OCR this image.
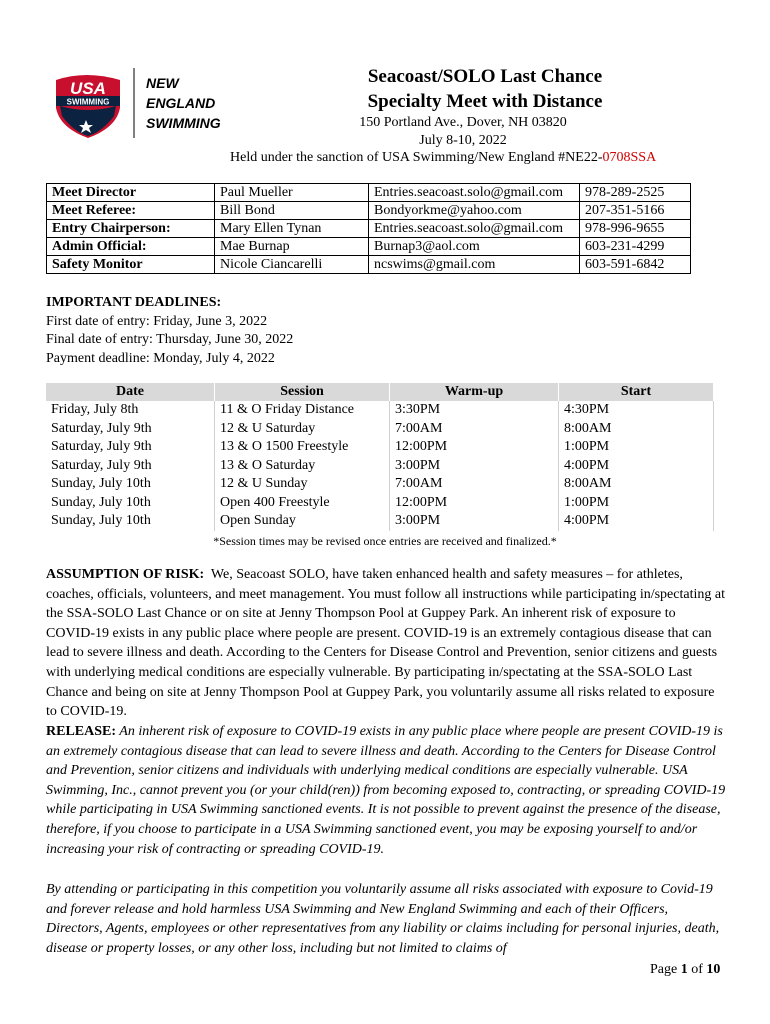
USA
SWIMMING
NEW
ENGLAND
SWIMMING
Seacoast/SOLO Last Chance
Specialty Meet with Distance
150 Portland Ave., Dover, NH 03820
July 8-10, 2022
Held under the sanction of USA Swimming/New England #NE22-0708SSA
Meet Director	Paul Mueller	Entries.seacoast.solo@gmail.com	978-289-2525
Meet Referee:	Bill Bond	Bondyorkme@yahoo.com	207-351-5166
Entry Chairperson:	Mary Ellen Tynan	Entries.seacoast.solo@gmail.com	978-996-9655
Admin Official:	Mae Burnap	Burnap3@aol.com	603-231-4299
Safety Monitor	Nicole Ciancarelli	ncswims@gmail.com	603-591-6842
IMPORTANT DEADLINES:
First date of entry: Friday, June 3, 2022
Final date of entry: Thursday, June 30, 2022
Payment deadline: Monday, July 4, 2022
Date	Session	Warm-up	Start
Friday, July 8th	11 & O Friday Distance	3:30PM	4:30PM
Saturday, July 9th	12 & U Saturday	7:00AM	8:00AM
Saturday, July 9th	13 & O 1500 Freestyle	12:00PM	1:00PM
Saturday, July 9th	13 & O Saturday	3:00PM	4:00PM
Sunday, July 10th	12 & U Sunday	7:00AM	8:00AM
Sunday, July 10th	Open 400 Freestyle	12:00PM	1:00PM
Sunday, July 10th	Open Sunday	3:00PM	4:00PM
*Session times may be revised once entries are received and finalized.*
ASSUMPTION OF RISK: We, Seacoast SOLO, have taken enhanced health and safety measures – for athletes, coaches, officials, volunteers, and meet management. You must follow all instructions while participating in/spectating at the SSA-SOLO Last Chance or on site at Jenny Thompson Pool at Guppey Park. An inherent risk of exposure to COVID-19 exists in any public place where people are present. COVID-19 is an extremely contagious disease that can lead to severe illness and death. According to the Centers for Disease Control and Prevention, senior citizens and guests with underlying medical conditions are especially vulnerable. By participating in/spectating at the SSA-SOLO Last Chance and being on site at Jenny Thompson Pool at Guppey Park, you voluntarily assume all risks related to exposure to COVID-19.
RELEASE: An inherent risk of exposure to COVID-19 exists in any public place where people are present COVID-19 is an extremely contagious disease that can lead to severe illness and death. According to the Centers for Disease Control and Prevention, senior citizens and individuals with underlying medical conditions are especially vulnerable. USA Swimming, Inc., cannot prevent you (or your child(ren)) from becoming exposed to, contracting, or spreading COVID-19 while participating in USA Swimming sanctioned events. It is not possible to prevent against the presence of the disease, therefore, if you choose to participate in a USA Swimming sanctioned event, you may be exposing yourself to and/or increasing your risk of contracting or spreading COVID-19.
By attending or participating in this competition you voluntarily assume all risks associated with exposure to Covid-19 and forever release and hold harmless USA Swimming and New England Swimming and each of their Officers, Directors, Agents, employees or other representatives from any liability or claims including for personal injuries, death, disease or property losses, or any other loss, including but not limited to claims of
Page 1 of 10
